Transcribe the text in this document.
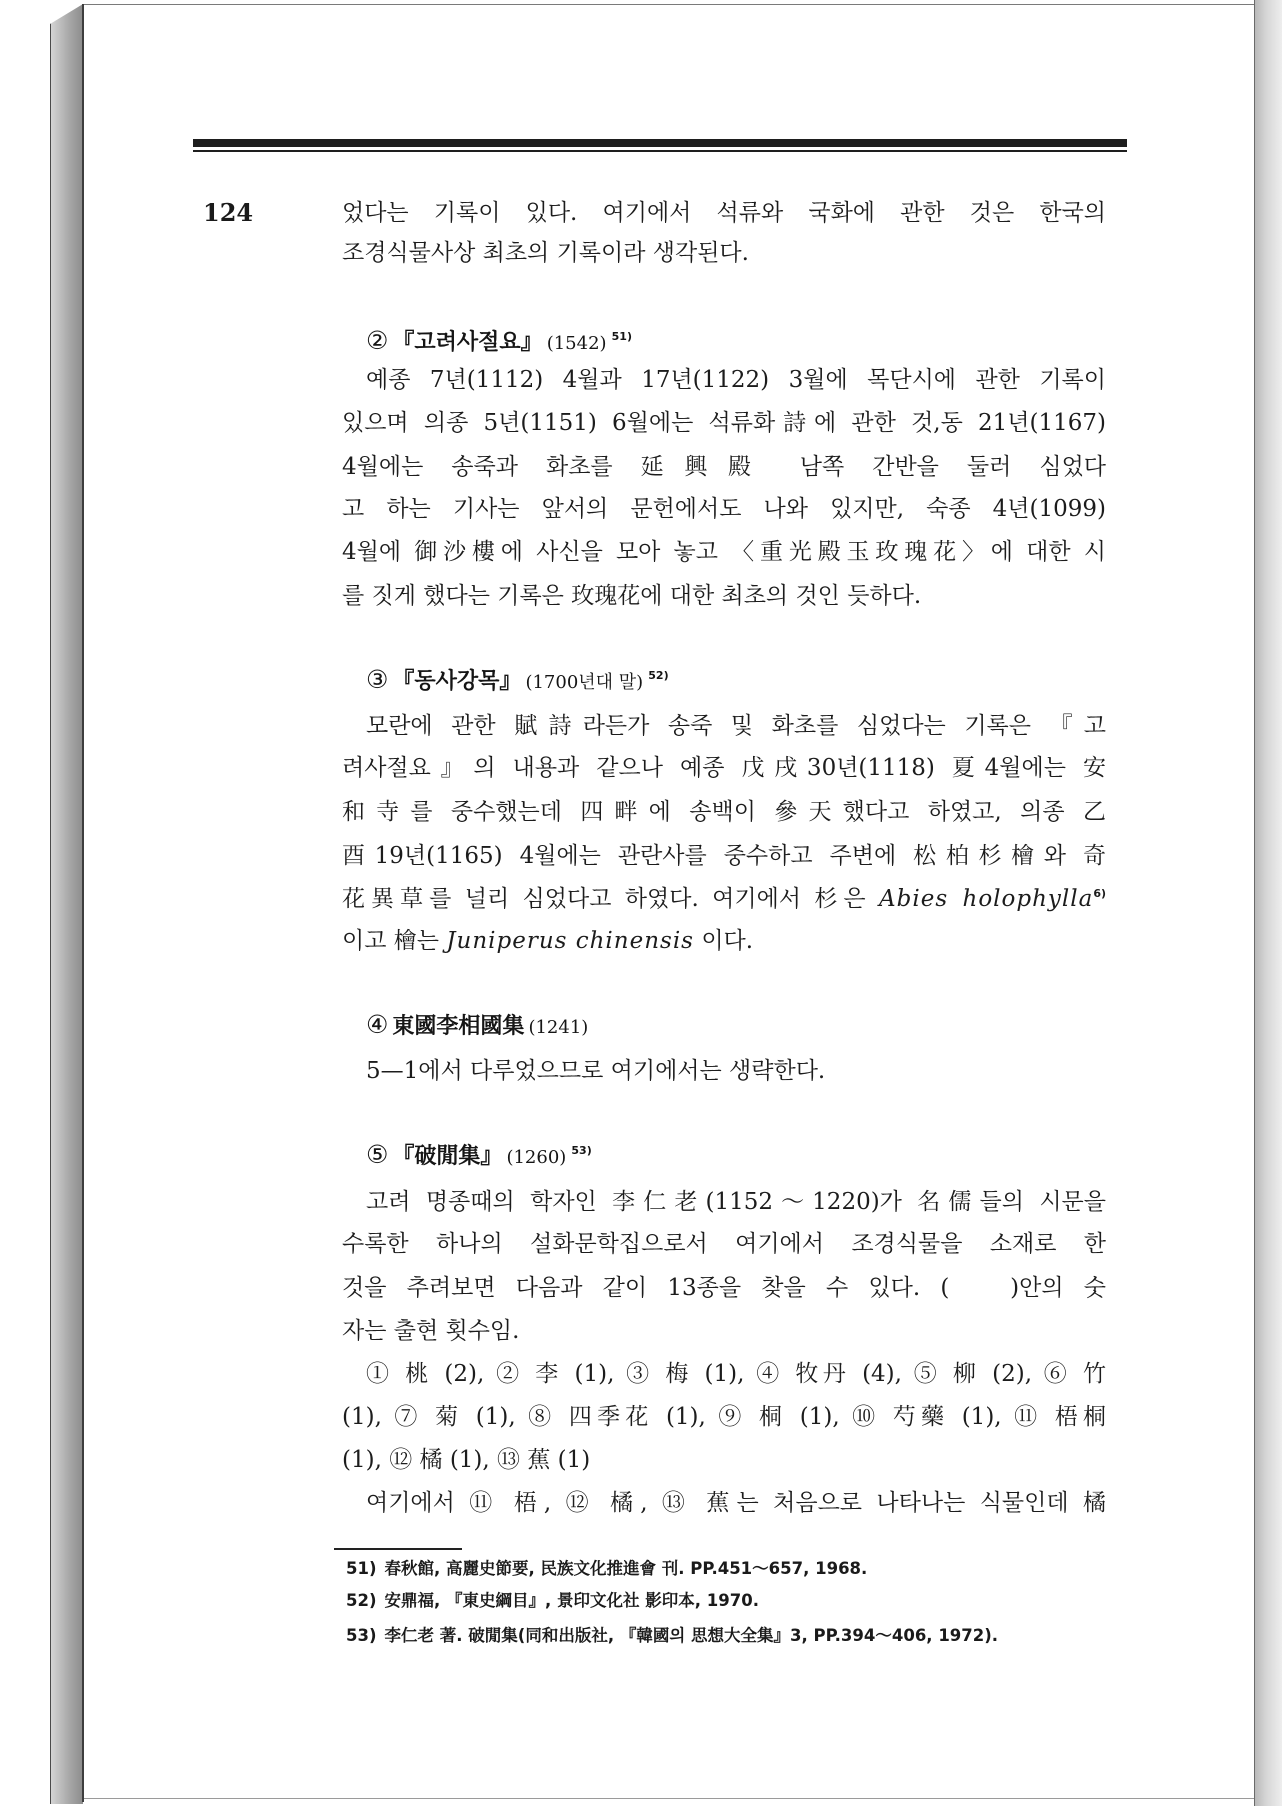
124	었다는 기록이 있다. 여기에서 석류와 국화에 관한 것은 한국의
조경식물사상 최초의 기록이라 생각된다.
② 『고려사절요』 (1542) $^{51)}$
예종 7년(1112) 4월과 17년(1122) 3월에 목단시에 관한 기록이
있으며 의종 5년(1151) 6월에는 석류화詩에 관한 것,동 21년(1167)
4월에는 송죽과 화초를 延興殿 남쪽 간반을 둘러 심었다
고 하는 기사는 앞서의 문헌에서도 나와 있지만, 숙종 4년(1099)
4월에 御沙樓에 사신을 모아 놓고 〈重光殿玉玫瑰花〉에 대한 시
를 짓게 했다는 기록은 玫瑰花에 대한 최초의 것인 듯하다.
③ 『동사강목』 (1700년대 말) $^{52)}$
모란에 관한 賦詩라든가 송죽 및 화초를 심었다는 기록은 『고
려사절요』의 내용과 같으나 예종 戊戌30년(1118) 夏4월에는 安
和寺를 중수했는데 四畔에 송백이 參天했다고 하였고, 의종 乙
酉19년(1165) 4월에는 관란사를 중수하고 주변에 松柏杉檜와 奇
花異草를 널리 심었다고 하였다. 여기에서 杉은 Abies holophylla$^{6)}$
이고 檜는 Juniperus chinensis 이다.
④ 東國李相國集 (1241)
5—1에서 다루었으므로 여기에서는 생략한다.
⑤ 『破閒集』 (1260) $^{53)}$
고려 명종때의 학자인 李仁老(1152～1220)가 名儒들의 시문을
수록한 하나의 설화문학집으로서 여기에서 조경식물을 소재로 한
것을 추려보면 다음과 같이 13종을 찾을 수 있다. (   )안의 숫
자는 출현 횟수임.
① 桃 (2), ② 李 (1), ③ 梅 (1), ④ 牧丹 (4), ⑤ 柳 (2), ⑥ 竹
(1), ⑦ 菊 (1), ⑧ 四季花 (1), ⑨ 桐 (1), ⑩ 芍藥 (1), ⑪ 梧桐
(1), ⑫ 橘 (1), ⑬ 蕉 (1)
여기에서 ⑪ 梧, ⑫ 橘, ⑬ 蕉는 처음으로 나타나는 식물인데 橘
51) 春秋館, 高麗史節要, 民族文化推進會 刊. PP.451～657, 1968.
52) 安鼎福, 『東史綱目』, 景印文化社 影印本, 1970.
53) 李仁老 著. 破閒集(同和出版社, 『韓國의 思想大全集』3, PP.394～406, 1972).
